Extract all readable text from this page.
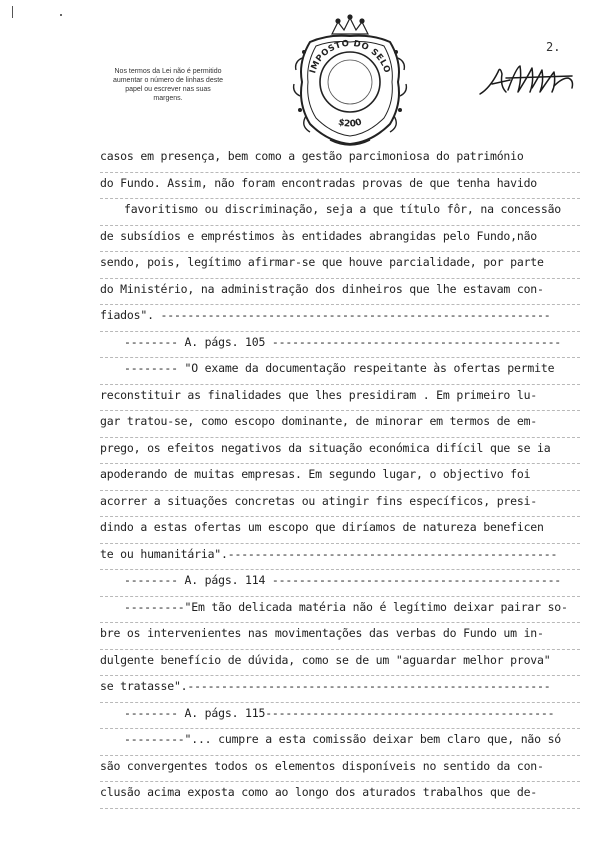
Nos termos da Lei não é permitido aumentar o número de linhas deste papel ou escrever nas suas margens.
IMPOSTO DO SELO
$200
2.
casos em presença, bem como a gestão parcimoniosa do património
do Fundo. Assim, não foram encontradas provas de que tenha havido
favoritismo ou discriminação, seja a que título fôr, na concessão
de subsídios e empréstimos às entidades abrangidas pelo Fundo,não
sendo, pois, legítimo afirmar-se que houve parcialidade, por parte
do Ministério, na administração dos dinheiros que lhe estavam con-
fiados". ----------------------------------------------------------
-------- A. págs. 105 -------------------------------------------
-------- "O exame da documentação respeitante às ofertas permite
reconstituir as finalidades que lhes presidiram . Em primeiro lu-
gar tratou-se, como escopo dominante, de minorar em termos de em-
prego, os efeitos negativos da situação económica difícil que se ia
apoderando de muitas empresas. Em segundo lugar, o objectivo foi
acorrer a situações concretas ou atingir fins específicos, presi-
dindo a estas ofertas um escopo que diríamos de natureza beneficen
te ou humanitária".-------------------------------------------------
-------- A. págs. 114 -------------------------------------------
---------"Em tão delicada matéria não é legítimo deixar pairar so-
bre os intervenientes nas movimentações das verbas do Fundo um in-
dulgente benefício de dúvida, como se de um "aguardar melhor prova"
se tratasse".------------------------------------------------------
-------- A. págs. 115-------------------------------------------
---------"... cumpre a esta comissão deixar bem claro que, não só
são convergentes todos os elementos disponíveis no sentido da con-
clusão acima exposta como ao longo dos aturados trabalhos que de-
